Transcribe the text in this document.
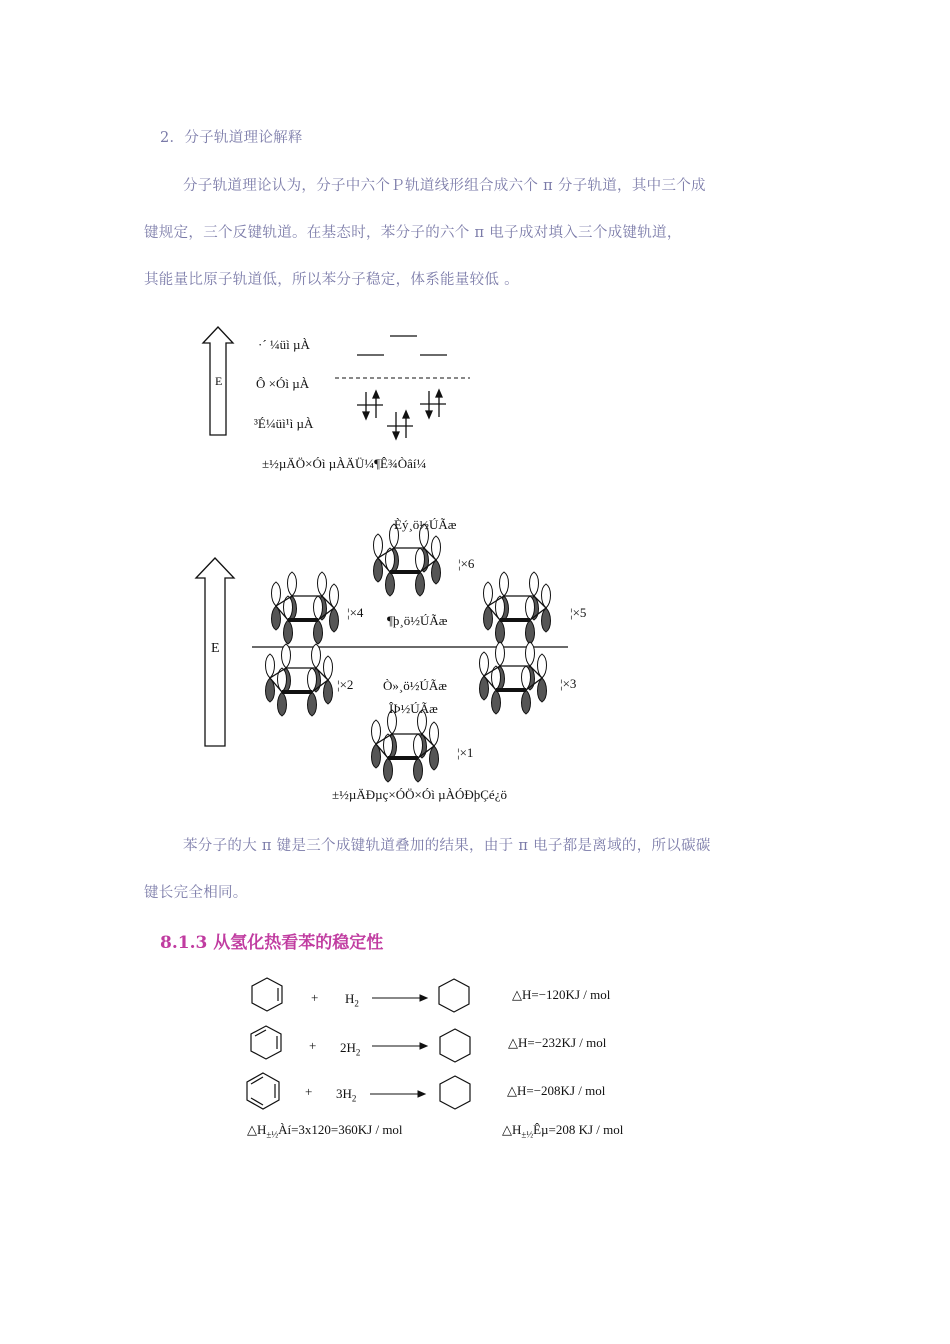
2．分子轨道理论解释
分子轨道理论认为，分子中六个Ｐ轨道线形组合成六个 π 分子轨道，其中三个成
键规定，三个反键轨道。在基态时，苯分子的六个 π 电子成对填入三个成键轨道，
其能量比原子轨道低，所以苯分子稳定，体系能量较低 。
E
·´ ¼üì µÀ
Ô ×Óì µÀ
³É¼üì¹ì µÀ
±½µÄÖ×Óì µÀÄÜ¼¶Ê¾Òâí¼
E
Èý¸ö½ÚÃæ
¦×6
¦×4
¶þ¸ö½ÚÃæ
¦×5
¦×2 Ò»¸ö½ÚÃæ	¦×3
ÎÞ½ÚÃæ
¦×1
±½µÄÐµç×ÓÖ×Óì µÀÓÐþÇé¿ö
苯分子的大 π 键是三个成键轨道叠加的结果，由于 π 电子都是离域的，所以碳碳
键长完全相同。
8.1.3 从氢化热看苯的稳定性
+ $H_2$
△H=−120KJ / mol
+ $2H_2$
△H=−232KJ / mol
+ $3H_2$
△H=−208KJ / mol
$\triangle H_{\pm\frac{1}{2}}Àí=3x120=360KJ$ / mol	$\triangle H_{\pm\frac{1}{2}}Ê\mu=208$ KJ / mol
